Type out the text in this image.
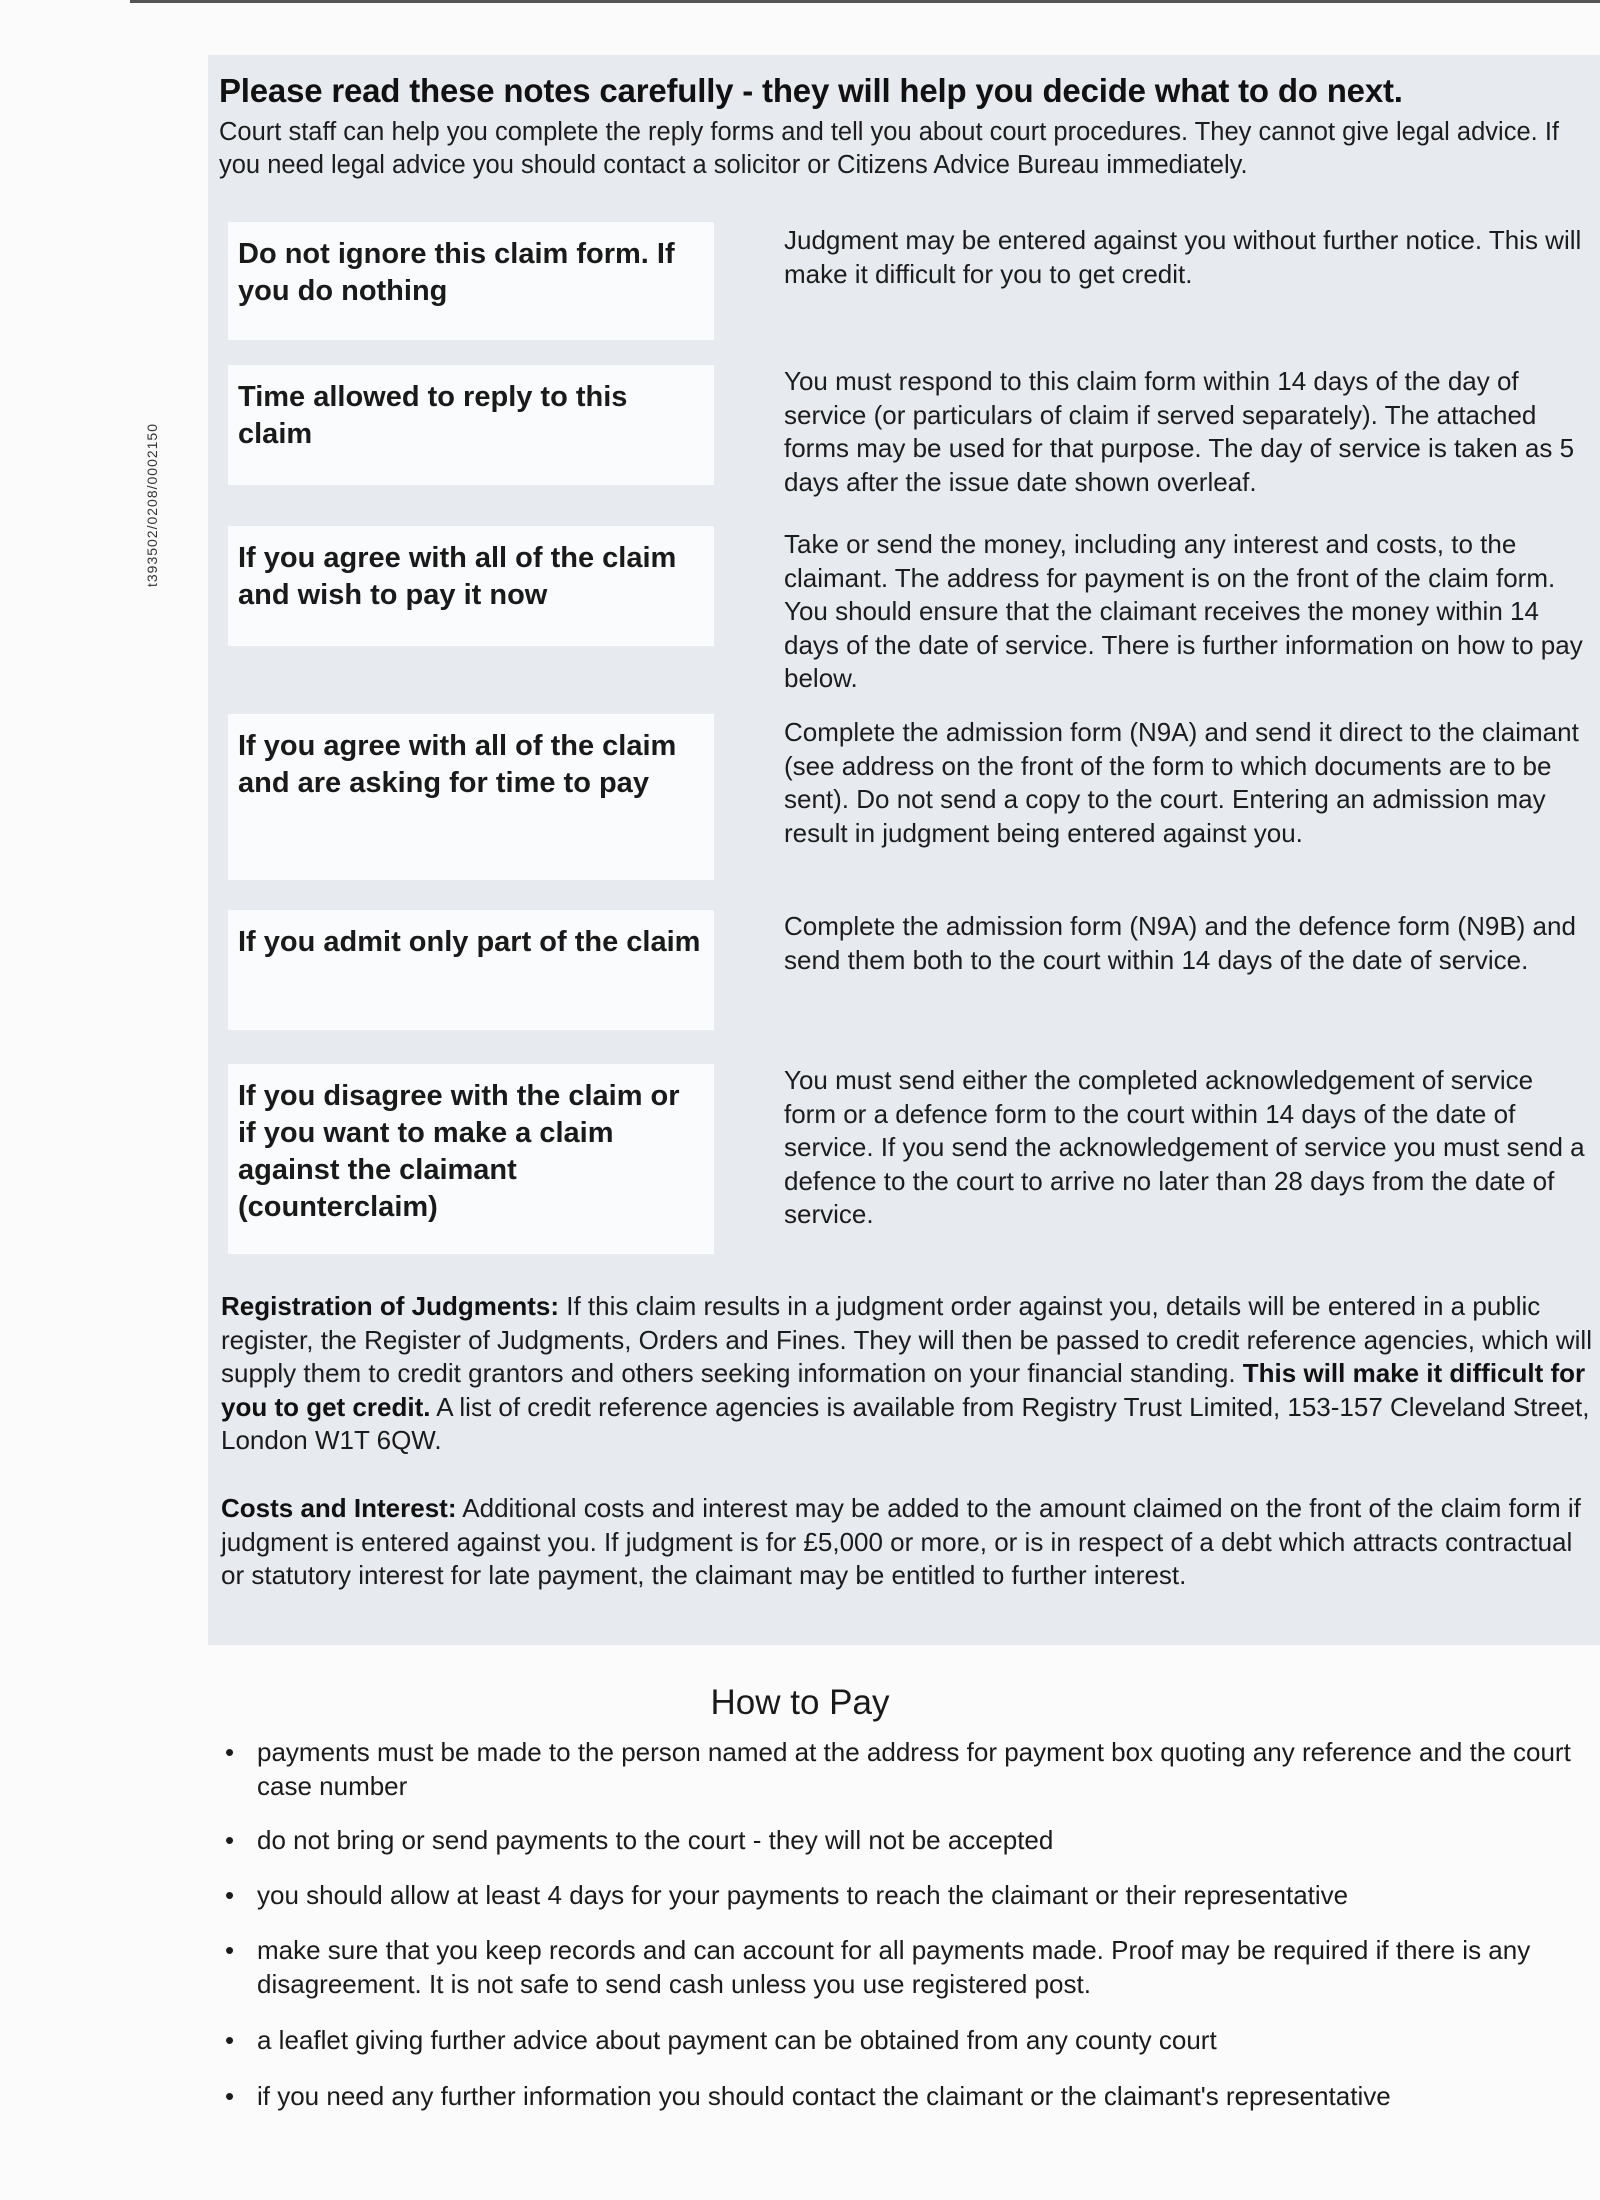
t393502/0208/0002150
Please read these notes carefully - they will help you decide what to do next.

Court staff can help you complete the reply forms and tell you about court procedures. They cannot give legal advice. If you need legal advice you should contact a solicitor or Citizens Advice Bureau immediately.

Do not ignore this claim form. If you do nothing
Judgment may be entered against you without further notice. This will make it difficult for you to get credit.
Time allowed to reply to this claim
You must respond to this claim form within 14 days of the day of service (or particulars of claim if served separately). The attached forms may be used for that purpose. The day of service is taken as 5 days after the issue date shown overleaf.
If you agree with all of the claim and wish to pay it now
Take or send the money, including any interest and costs, to the claimant. The address for payment is on the front of the claim form. You should ensure that the claimant receives the money within 14 days of the date of service. There is further information on how to pay below.
If you agree with all of the claim and are asking for time to pay
Complete the admission form (N9A) and send it direct to the claimant (see address on the front of the form to which documents are to be sent). Do not send a copy to the court. Entering an admission may result in judgment being entered against you.
If you admit only part of the claim	Complete the admission form (N9A) and the defence form (N9B) and send them both to the court within 14 days of the date of service.
If you disagree with the claim or if you want to make a claim against the claimant (counterclaim)
You must send either the completed acknowledgement of service form or a defence form to the court within 14 days of the date of service. If you send the acknowledgement of service you must send a defence to the court to arrive no later than 28 days from the date of service.
Registration of Judgments: If this claim results in a judgment order against you, details will be entered in a public register, the Register of Judgments, Orders and Fines. They will then be passed to credit reference agencies, which will supply them to credit grantors and others seeking information on your financial standing. This will make it difficult for you to get credit. A list of credit reference agencies is available from Registry Trust Limited, 153-157 Cleveland Street, London W1T 6QW.
Costs and Interest: Additional costs and interest may be added to the amount claimed on the front of the claim form if judgment is entered against you. If judgment is for £5,000 or more, or is in respect of a debt which attracts contractual or statutory interest for late payment, the claimant may be entitled to further interest.
How to Pay
• payments must be made to the person named at the address for payment box quoting any reference and the court case number
• do not bring or send payments to the court - they will not be accepted
• you should allow at least 4 days for your payments to reach the claimant or their representative
• make sure that you keep records and can account for all payments made. Proof may be required if there is any disagreement. It is not safe to send cash unless you use registered post.
• a leaflet giving further advice about payment can be obtained from any county court
• if you need any further information you should contact the claimant or the claimant's representative
